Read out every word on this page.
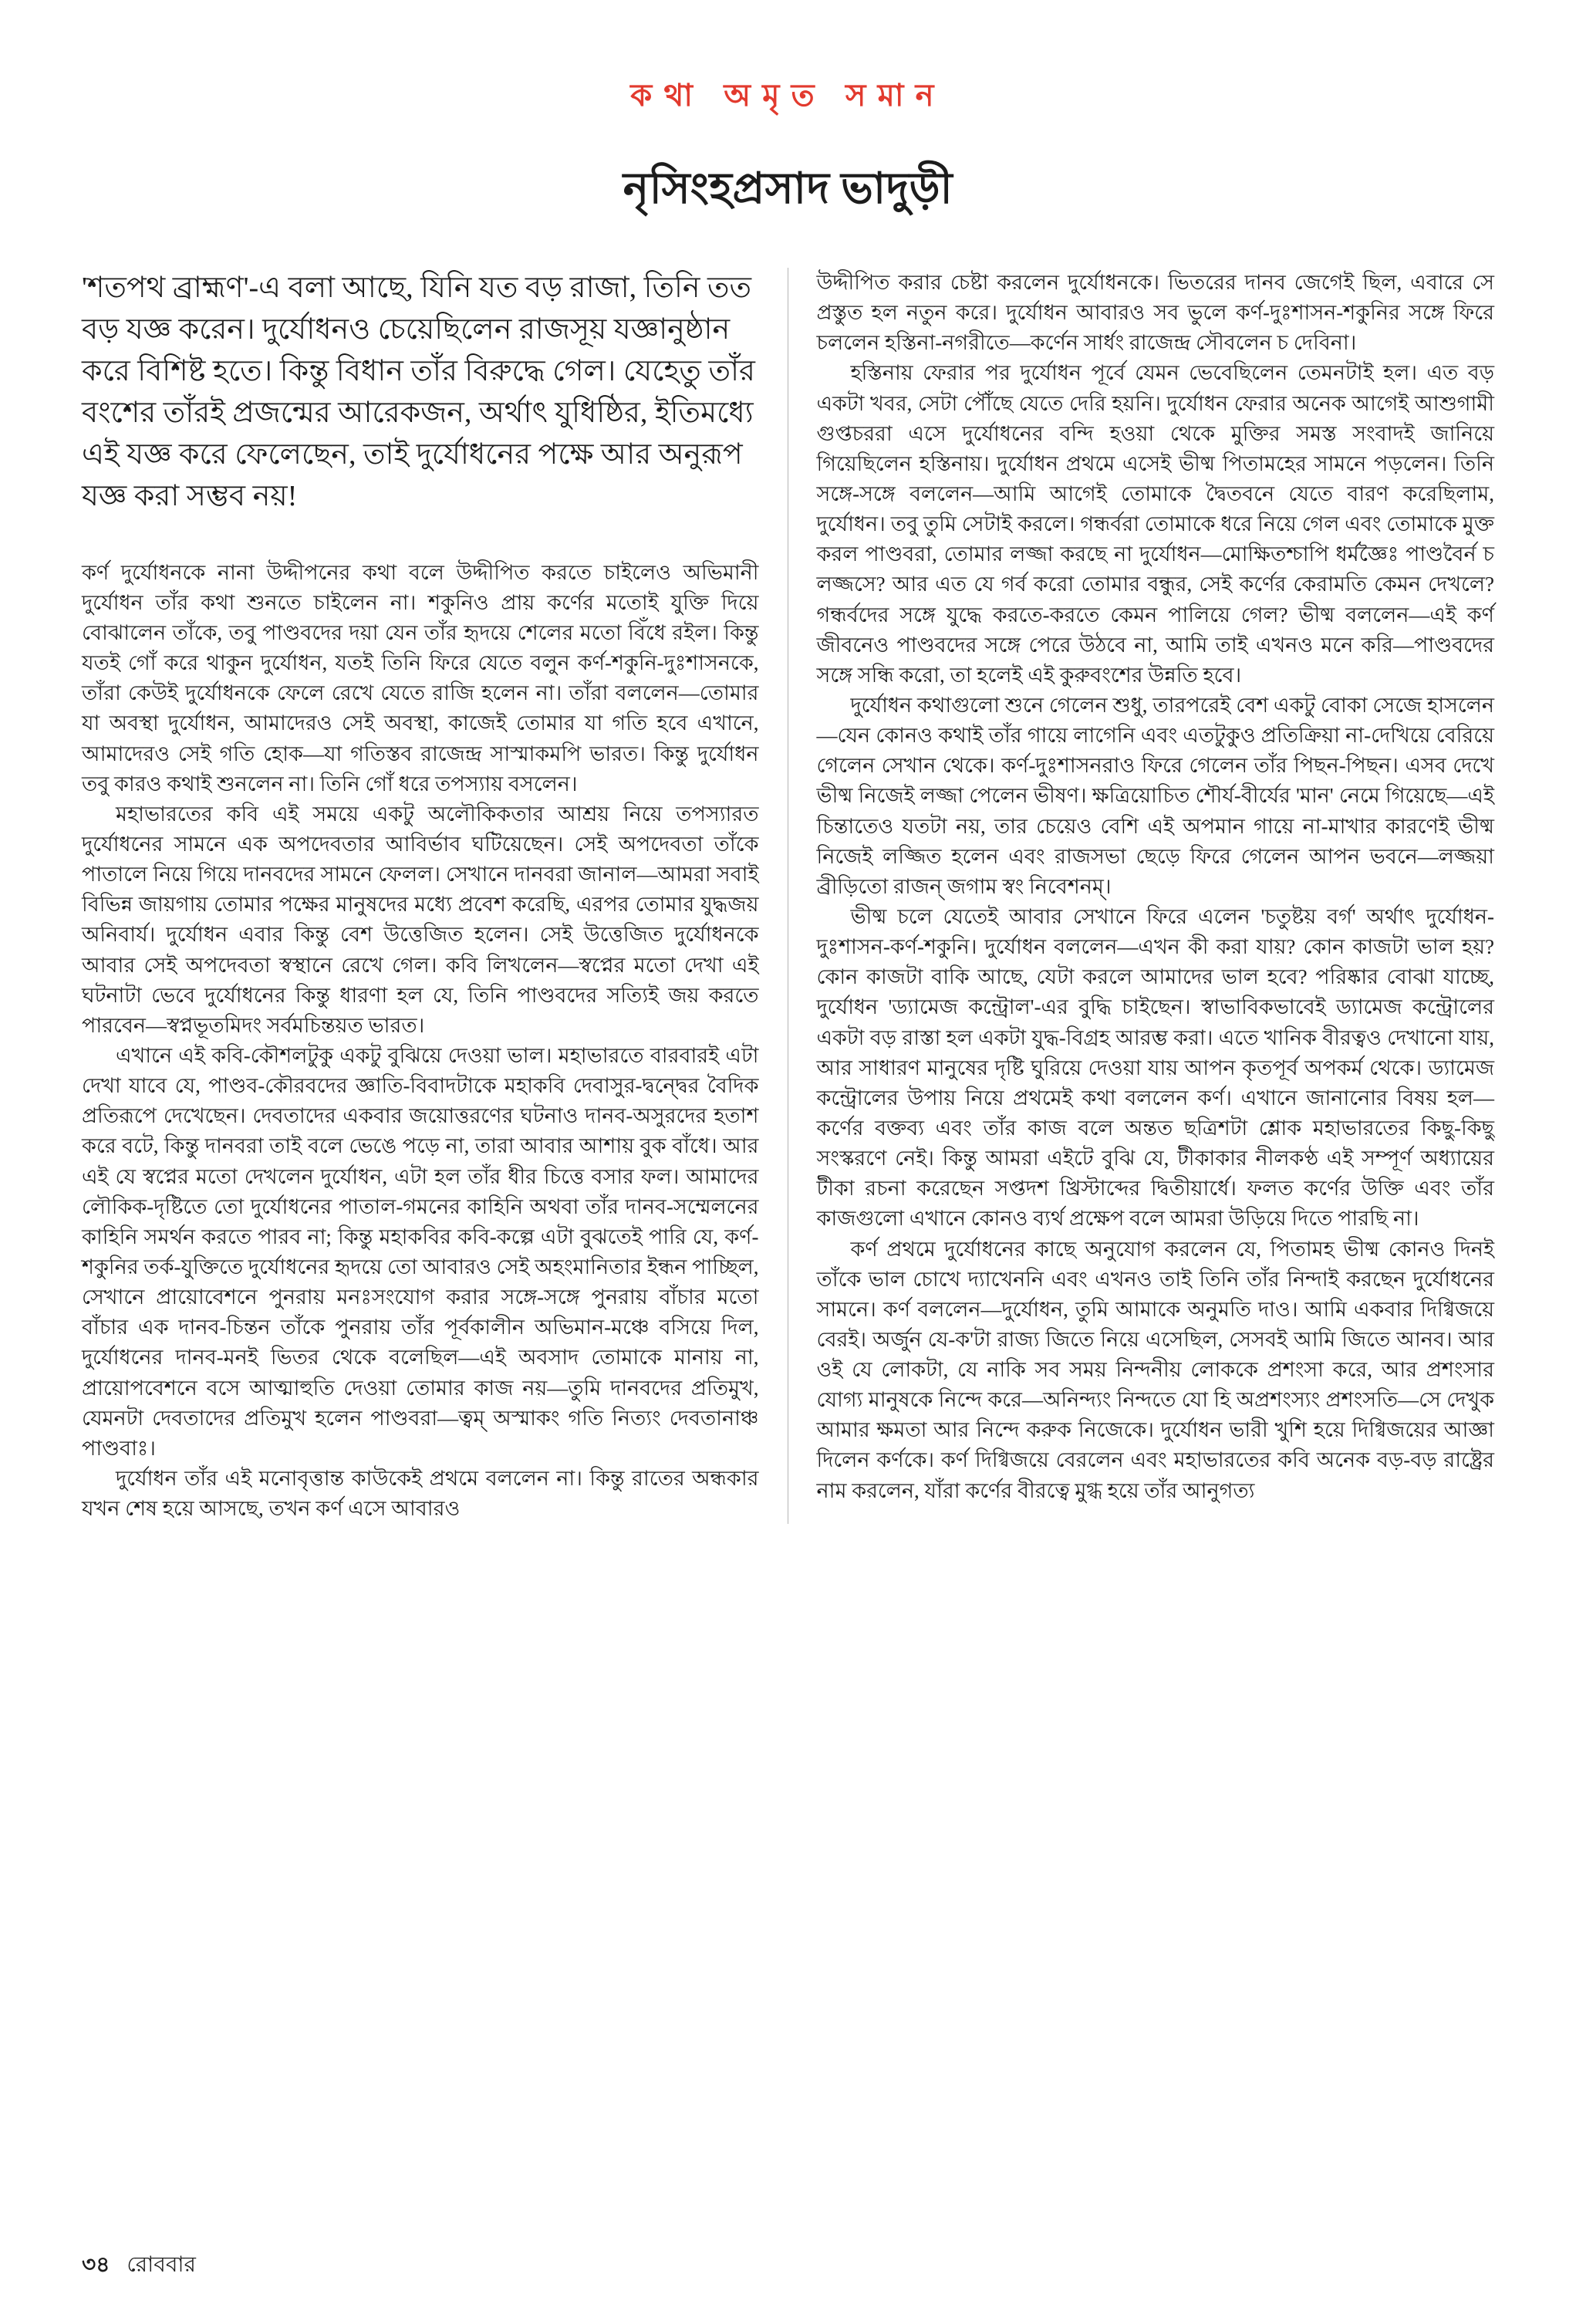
কথা অমৃত সমান
নৃসিংহপ্রসাদ ভাদুড়ী

'শতপথ ব্রাহ্মণ'-এ বলা আছে, যিনি যত বড় রাজা, তিনি তত বড় যজ্ঞ করেন। দুর্যোধনও চেয়েছিলেন রাজসূয় যজ্ঞানুষ্ঠান করে বিশিষ্ট হতে। কিন্তু বিধান তাঁর বিরুদ্ধে গেল। যেহেতু তাঁর বংশের তাঁরই প্রজন্মের আরেকজন, অর্থাৎ যুধিষ্ঠির, ইতিমধ্যে এই যজ্ঞ করে ফেলেছেন, তাই দুর্যোধনের পক্ষে আর অনুরূপ যজ্ঞ করা সম্ভব নয়!

কর্ণ দুর্যোধনকে নানা উদ্দীপনের কথা বলে উদ্দীপিত করতে চাইলেও অভিমানী দুর্যোধন তাঁর কথা শুনতে চাইলেন না। শকুনিও প্রায় কর্ণের মতোই যুক্তি দিয়ে বোঝালেন তাঁকে, তবু পাণ্ডবদের দয়া যেন তাঁর হৃদয়ে শেলের মতো বিঁধে রইল। কিন্তু যতই গোঁ করে থাকুন দুর্যোধন, যতই তিনি ফিরে যেতে বলুন কর্ণ-শকুনি-দুঃশাসনকে, তাঁরা কেউই দুর্যোধনকে ফেলে রেখে যেতে রাজি হলেন না। তাঁরা বললেন—তোমার যা অবস্থা দুর্যোধন, আমাদেরও সেই অবস্থা, কাজেই তোমার যা গতি হবে এখানে, আমাদেরও সেই গতি হোক—যা গতিস্তব রাজেন্দ্র সাস্মাকমপি ভারত। কিন্তু দুর্যোধন তবু কারও কথাই শুনলেন না। তিনি গোঁ ধরে তপস্যায় বসলেন।

মহাভারতের কবি এই সময়ে একটু অলৌকিকতার আশ্রয় নিয়ে তপস্যারত দুর্যোধনের সামনে এক অপদেবতার আবির্ভাব ঘটিয়েছেন। সেই অপদেবতা তাঁকে পাতালে নিয়ে গিয়ে দানবদের সামনে ফেলল। সেখানে দানবরা জানাল—আমরা সবাই বিভিন্ন জায়গায় তোমার পক্ষের মানুষদের মধ্যে প্রবেশ করেছি, এরপর তোমার যুদ্ধজয় অনিবার্য। দুর্যোধন এবার কিন্তু বেশ উত্তেজিত হলেন। সেই উত্তেজিত দুর্যোধনকে আবার সেই অপদেবতা স্বস্থানে রেখে গেল। কবি লিখলেন—স্বপ্নের মতো দেখা এই ঘটনাটা ভেবে দুর্যোধনের কিন্তু ধারণা হল যে, তিনি পাণ্ডবদের সত্যিই জয় করতে পারবেন—স্বপ্নভূতমিদং সর্বমচিন্তয়ত ভারত।

এখানে এই কবি-কৌশলটুকু একটু বুঝিয়ে দেওয়া ভাল। মহাভারতে বারবারই এটা দেখা যাবে যে, পাণ্ডব-কৌরবদের জ্ঞাতি-বিবাদটাকে মহাকবি দেবাসুর-দ্বন্দ্বের বৈদিক প্রতিরূপে দেখেছেন। দেবতাদের একবার জয়োত্তরণের ঘটনাও দানব-অসুরদের হতাশ করে বটে, কিন্তু দানবরা তাই বলে ভেঙে পড়ে না, তারা আবার আশায় বুক বাঁধে। আর এই যে স্বপ্নের মতো দেখলেন দুর্যোধন, এটা হল তাঁর ধীর চিত্তে বসার ফল। আমাদের লৌকিক-দৃষ্টিতে তো দুর্যোধনের পাতাল-গমনের কাহিনি অথবা তাঁর দানব-সম্মেলনের কাহিনি সমর্থন করতে পারব না; কিন্তু মহাকবির কবি-কল্পে এটা বুঝতেই পারি যে, কর্ণ-শকুনির তর্ক-যুক্তিতে দুর্যোধনের হৃদয়ে তো আবারও সেই অহংমানিতার ইন্ধন পাচ্ছিল, সেখানে প্রায়োবেশনে পুনরায় মনঃসংযোগ করার সঙ্গে-সঙ্গে পুনরায় বাঁচার মতো বাঁচার এক দানব-চিন্তন তাঁকে পুনরায় তাঁর পূর্বকালীন অভিমান-মঞ্চে বসিয়ে দিল, দুর্যোধনের দানব-মনই ভিতর থেকে বলেছিল—এই অবসাদ তোমাকে মানায় না, প্রায়োপবেশনে বসে আত্মাহুতি দেওয়া তোমার কাজ নয়—তুমি দানবদের প্রতিমুখ, যেমনটা দেবতাদের প্রতিমুখ হলেন পাণ্ডবরা—ত্বম্ অস্মাকং গতি নিত্যং দেবতানাঞ্চ পাণ্ডবাঃ।

দুর্যোধন তাঁর এই মনোবৃত্তান্ত কাউকেই প্রথমে বললেন না। কিন্তু রাতের অন্ধকার যখন শেষ হয়ে আসছে, তখন কর্ণ এসে আবারও

উদ্দীপিত করার চেষ্টা করলেন দুর্যোধনকে। ভিতরের দানব জেগেই ছিল, এবারে সে প্রস্তুত হল নতুন করে। দুর্যোধন আবারও সব ভুলে কর্ণ-দুঃশাসন-শকুনির সঙ্গে ফিরে চললেন হস্তিনা-নগরীতে—কর্ণেন সার্ধং রাজেন্দ্র সৌবলেন চ দেবিনা।

হস্তিনায় ফেরার পর দুর্যোধন পূর্বে যেমন ভেবেছিলেন তেমনটাই হল। এত বড় একটা খবর, সেটা পৌঁছে যেতে দেরি হয়নি। দুর্যোধন ফেরার অনেক আগেই আশুগামী গুপ্তচররা এসে দুর্যোধনের বন্দি হওয়া থেকে মুক্তির সমস্ত সংবাদই জানিয়ে গিয়েছিলেন হস্তিনায়। দুর্যোধন প্রথমে এসেই ভীষ্ম পিতামহের সামনে পড়লেন। তিনি সঙ্গে-সঙ্গে বললেন—আমি আগেই তোমাকে দ্বৈতবনে যেতে বারণ করেছিলাম, দুর্যোধন। তবু তুমি সেটাই করলে। গন্ধর্বরা তোমাকে ধরে নিয়ে গেল এবং তোমাকে মুক্ত করল পাণ্ডবরা, তোমার লজ্জা করছে না দুর্যোধন—মোক্ষিতশ্চাপি ধর্মজ্ঞৈঃ পাণ্ডবৈর্ন চ লজ্জসে? আর এত যে গর্ব করো তোমার বন্ধুর, সেই কর্ণের কেরামতি কেমন দেখলে? গন্ধর্বদের সঙ্গে যুদ্ধে করতে-করতে কেমন পালিয়ে গেল? ভীষ্ম বললেন—এই কর্ণ জীবনেও পাণ্ডবদের সঙ্গে পেরে উঠবে না, আমি তাই এখনও মনে করি—পাণ্ডবদের সঙ্গে সন্ধি করো, তা হলেই এই কুরুবংশের উন্নতি হবে।

দুর্যোধন কথাগুলো শুনে গেলেন শুধু, তারপরেই বেশ একটু বোকা সেজে হাসলেন—যেন কোনও কথাই তাঁর গায়ে লাগেনি এবং এতটুকুও প্রতিক্রিয়া না-দেখিয়ে বেরিয়ে গেলেন সেখান থেকে। কর্ণ-দুঃশাসনরাও ফিরে গেলেন তাঁর পিছন-পিছন। এসব দেখে ভীষ্ম নিজেই লজ্জা পেলেন ভীষণ। ক্ষত্রিয়োচিত শৌর্য-বীর্যের 'মান' নেমে গিয়েছে—এই চিন্তাতেও যতটা নয়, তার চেয়েও বেশি এই অপমান গায়ে না-মাখার কারণেই ভীষ্ম নিজেই লজ্জিত হলেন এবং রাজসভা ছেড়ে ফিরে গেলেন আপন ভবনে—লজ্জয়া ব্রীড়িতো রাজন্ জগাম স্বং নিবেশনম্।

ভীষ্ম চলে যেতেই আবার সেখানে ফিরে এলেন 'চতুষ্টয় বর্গ' অর্থাৎ দুর্যোধন-দুঃশাসন-কর্ণ-শকুনি। দুর্যোধন বললেন—এখন কী করা যায়? কোন কাজটা ভাল হয়? কোন কাজটা বাকি আছে, যেটা করলে আমাদের ভাল হবে? পরিষ্কার বোঝা যাচ্ছে, দুর্যোধন 'ড্যামেজ কন্ট্রোল'-এর বুদ্ধি চাইছেন। স্বাভাবিকভাবেই ড্যামেজ কন্ট্রোলের একটা বড় রাস্তা হল একটা যুদ্ধ-বিগ্রহ আরম্ভ করা। এতে খানিক বীরত্বও দেখানো যায়, আর সাধারণ মানুষের দৃষ্টি ঘুরিয়ে দেওয়া যায় আপন কৃতপূর্ব অপকর্ম থেকে। ড্যামেজ কন্ট্রোলের উপায় নিয়ে প্রথমেই কথা বললেন কর্ণ। এখানে জানানোর বিষয় হল—কর্ণের বক্তব্য এবং তাঁর কাজ বলে অন্তত ছত্রিশটা শ্লোক মহাভারতের কিছু-কিছু সংস্করণে নেই। কিন্তু আমরা এইটে বুঝি যে, টীকাকার নীলকণ্ঠ এই সম্পূর্ণ অধ্যায়ের টীকা রচনা করেছেন সপ্তদশ খ্রিস্টাব্দের দ্বিতীয়ার্ধে। ফলত কর্ণের উক্তি এবং তাঁর কাজগুলো এখানে কোনও ব্যর্থ প্রক্ষেপ বলে আমরা উড়িয়ে দিতে পারছি না।

কর্ণ প্রথমে দুর্যোধনের কাছে অনুযোগ করলেন যে, পিতামহ ভীষ্ম কোনও দিনই তাঁকে ভাল চোখে দ্যাখেননি এবং এখনও তাই তিনি তাঁর নিন্দাই করছেন দুর্যোধনের সামনে। কর্ণ বললেন—দুর্যোধন, তুমি আমাকে অনুমতি দাও। আমি একবার দিগ্বিজয়ে বেরই। অর্জুন যে-ক'টা রাজ্য জিতে নিয়ে এসেছিল, সেসবই আমি জিতে আনব। আর ওই যে লোকটা, যে নাকি সব সময় নিন্দনীয় লোককে প্রশংসা করে, আর প্রশংসার যোগ্য মানুষকে নিন্দে করে—অনিন্দ্যং নিন্দতে যো হি অপ্রশংস্যং প্রশংসতি—সে দেখুক আমার ক্ষমতা আর নিন্দে করুক নিজেকে। দুর্যোধন ভারী খুশি হয়ে দিগ্বিজয়ের আজ্ঞা দিলেন কর্ণকে। কর্ণ দিগ্বিজয়ে বেরলেন এবং মহাভারতের কবি অনেক বড়-বড় রাষ্ট্রের নাম করলেন, যাঁরা কর্ণের বীরত্বে মুগ্ধ হয়ে তাঁর আনুগত্য

৩৪ রোববার
